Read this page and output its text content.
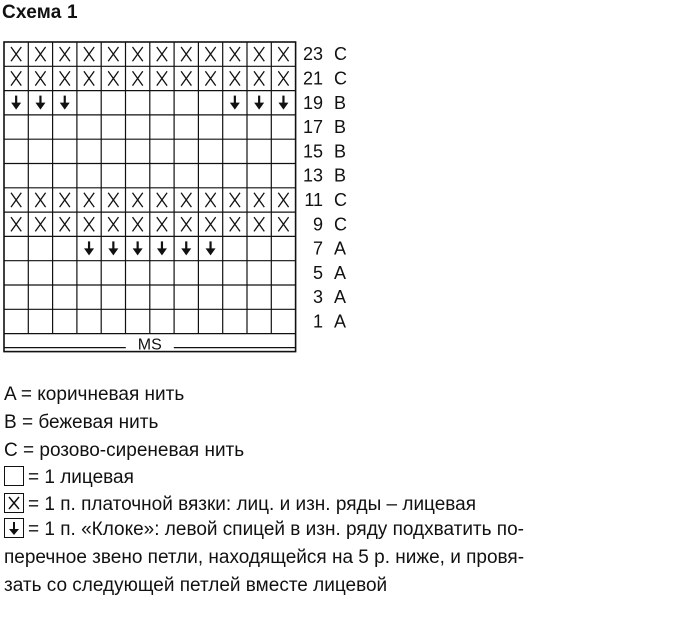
Схема 1
23 C
21 C
19 B
17 B
15 B
13 B
11 C
9 C
7 A
5 A
3 A
1 A
MS
A = коричневая нить
B = бежевая нить
C = розово-сиреневая нить
= 1 лицевая
= 1 п. платочной вязки: лиц. и изн. ряды – лицевая
= 1 п. «Клоке»: левой спицей в изн. ряду подхватить по-
перечное звено петли, находящейся на 5 р. ниже, и провя-
зать со следующей петлей вместе лицевой
